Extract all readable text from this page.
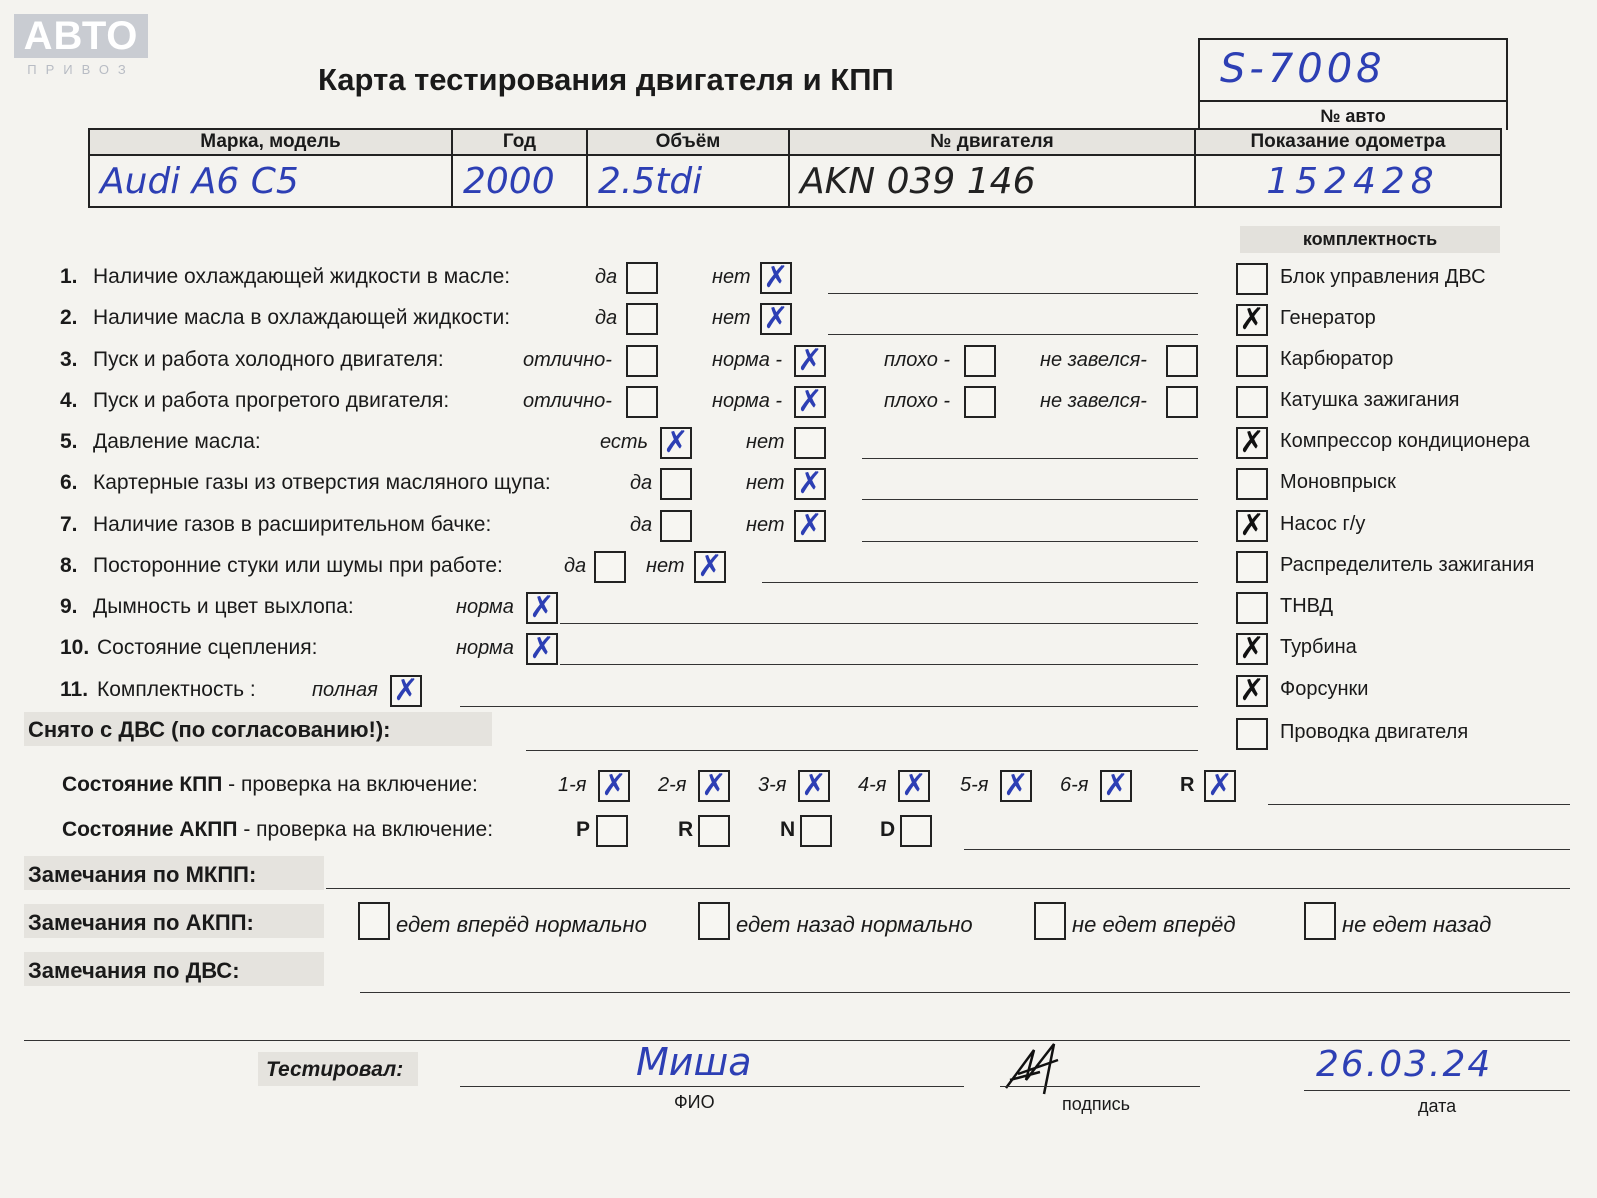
АВТО
ПРИВОЗ	Карта тестирования двигателя и КПП	S-7008
№ авто
Марка, модель	Год	Объём	№ двигателя	Показание одометра
Audi A6 C5	2000	2.5tdi	AKN 039 146	152428
комплектность
Блок управления ДВС
✗ Генератор
Карбюратор
Катушка зажигания
✗ Компрессор кондиционера
Моновпрыск
✗ Насос г/у
Распределитель зажигания
ТНВД
✗ Турбина
✗ Форсунки
Проводка двигателя
1. Наличие охлаждающей жидкости в масле:	да	нет ✗
2. Наличие масла в охлаждающей жидкости:	да	нет ✗
3. Пуск и работа холодного двигателя:	отлично-	норма - ✗	плохо -	не завелся-
4. Пуск и работа прогретого двигателя:	отлично-	норма - ✗	плохо -	не завелся-
5. Давление масла:	есть ✗	нет
6. Картерные газы из отверстия масляного щупа:	да	нет ✗
7. Наличие газов в расширительном бачке:	да	нет ✗
8. Посторонние стуки или шумы при работе:	да	нет ✗
9. Дымность и цвет выхлопа:	норма ✗
10. Состояние сцепления:	норма ✗
11. Комплектность :	полная ✗
Снято с ДВС (по согласованию!):
Состояние КПП - проверка на включение:	1-я ✗ 2-я ✗ 3-я ✗ 4-я ✗ 5-я ✗ 6-я ✗	R ✗
Состояние АКПП - проверка на включение:	P	R	N	D
Замечания по МКПП:
Замечания по АКПП:	едет вперёд нормально	едет назад нормально	не едет вперёд	не едет назад
Замечания по ДВС:
Тестировал:	Миша
ФИО	подпись
26.03.24
дата
